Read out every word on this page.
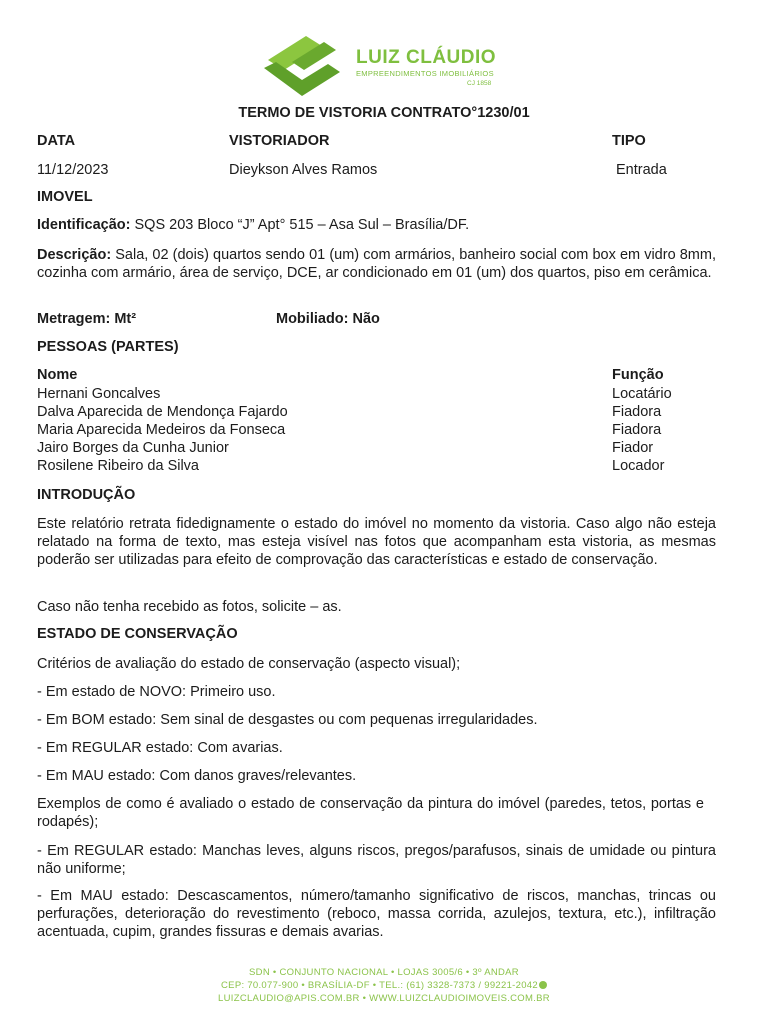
LUIZ CLÁUDIO
EMPREENDIMENTOS IMOBILIÁRIOS
CJ 1858
TERMO DE VISTORIA CONTRATO°1230/01
DATA	VISTORIADOR	TIPO
11/12/2023	Dieykson Alves Ramos	Entrada
IMOVEL
Identificação: SQS 203 Bloco “J” Apt° 515 – Asa Sul – Brasília/DF.
Descrição: Sala, 02 (dois) quartos sendo 01 (um) com armários, banheiro social com box em vidro 8mm, cozinha com armário, área de serviço, DCE, ar condicionado em 01 (um) dos quartos, piso em cerâmica.
Metragem: Mt²	Mobiliado: Não
PESSOAS (PARTES)
Nome	Função
Hernani Goncalves	Locatário
Dalva Aparecida de Mendonça Fajardo	Fiadora
Maria Aparecida Medeiros da Fonseca	Fiadora
Jairo Borges da Cunha Junior	Fiador
Rosilene Ribeiro da Silva	Locador
INTRODUÇÃO
Este relatório retrata fidedignamente o estado do imóvel no momento da vistoria. Caso algo não esteja relatado na forma de texto, mas esteja visível nas fotos que acompanham esta vistoria, as mesmas poderão ser utilizadas para efeito de comprovação das características e estado de conservação.
Caso não tenha recebido as fotos, solicite – as.
ESTADO DE CONSERVAÇÃO
Critérios de avaliação do estado de conservação (aspecto visual);
- Em estado de NOVO: Primeiro uso.
- Em BOM estado: Sem sinal de desgastes ou com pequenas irregularidades.
- Em REGULAR estado: Com avarias.
- Em MAU estado: Com danos graves/relevantes.
Exemplos de como é avaliado o estado de conservação da pintura do imóvel (paredes, tetos, portas e rodapés);
- Em REGULAR estado: Manchas leves, alguns riscos, pregos/parafusos, sinais de umidade ou pintura não uniforme;
- Em MAU estado: Descascamentos, número/tamanho significativo de riscos, manchas, trincas ou perfurações, deterioração do revestimento (reboco, massa corrida, azulejos, textura, etc.), infiltração acentuada, cupim, grandes fissuras e demais avarias.
SDN • CONJUNTO NACIONAL • LOJAS 3005/6 • 3º ANDAR
CEP: 70.077-900 • BRASÍLIA-DF • TEL.: (61) 3328-7373 / 99221-2042
LUIZCLAUDIO@APIS.COM.BR • WWW.LUIZCLAUDIOIMOVEIS.COM.BR
